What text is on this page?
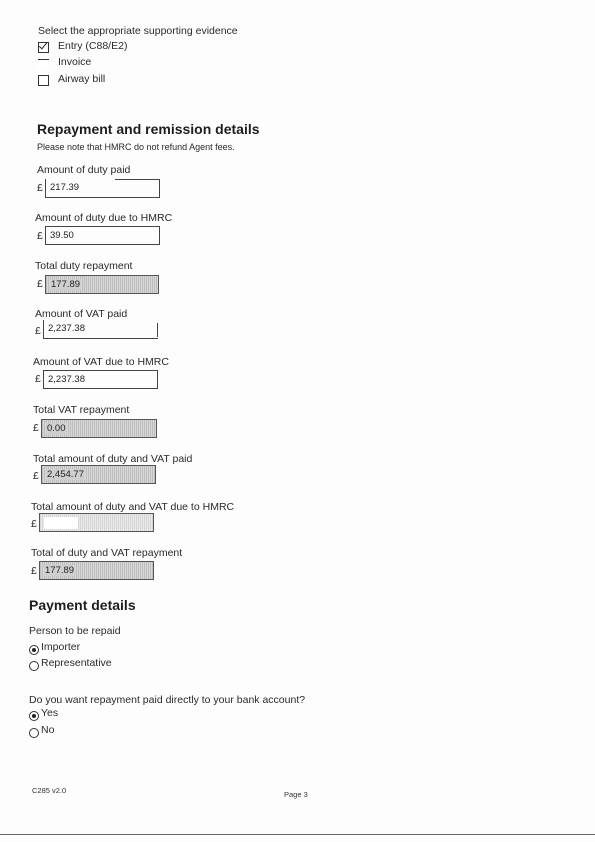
Select the appropriate supporting evidence
Entry (C88/E2)
Invoice
Airway bill
Repayment and remission details
Please note that HMRC do not refund Agent fees.
Amount of duty paid
£ 217.39
Amount of duty due to HMRC
£ 39.50
Total duty repayment
£ 177.89
Amount of VAT paid
£ 2,237.38
Amount of VAT due to HMRC
£ 2,237.38
Total VAT repayment
£ 0.00
Total amount of duty and VAT paid
£ 2,454.77
Total amount of duty and VAT due to HMRC
£
Total of duty and VAT repayment
£ 177.89
Payment details
Person to be repaid
Importer
Representative
Do you want repayment paid directly to your bank account?
Yes
No
C285 v2.0	Page 3
